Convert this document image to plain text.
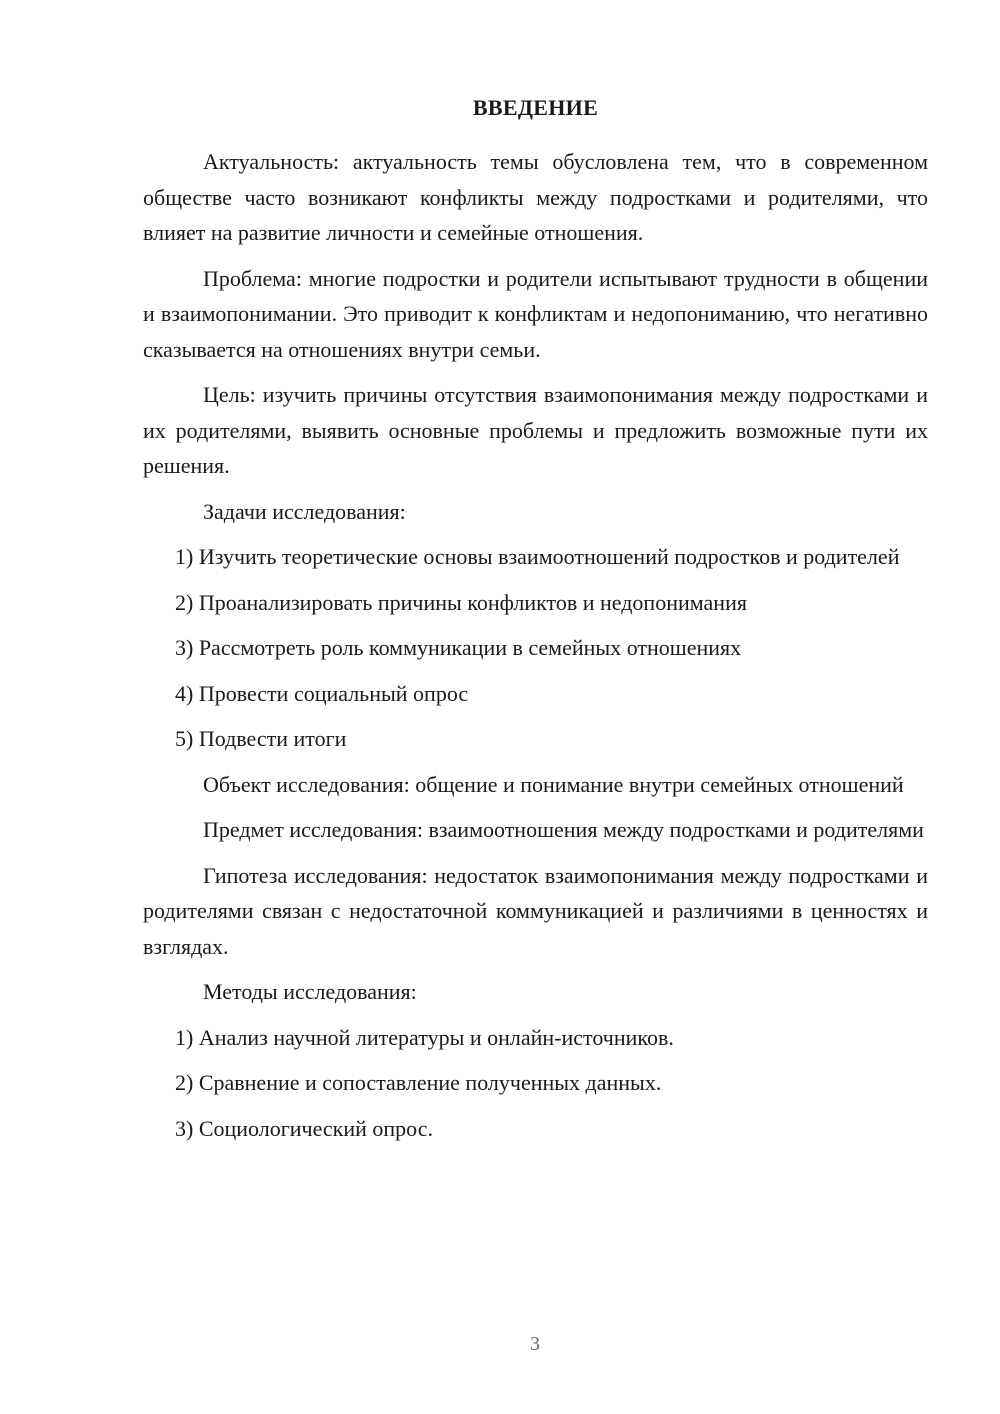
ВВЕДЕНИЕ

Актуальность: актуальность темы обусловлена тем, что в современном обществе часто возникают конфликты между подростками и родителями, что влияет на развитие личности и семейные отношения.

Проблема: многие подростки и родители испытывают трудности в общении и взаимопонимании. Это приводит к конфликтам и недопониманию, что негативно сказывается на отношениях внутри семьи.

Цель: изучить причины отсутствия взаимопонимания между подростками и их родителями, выявить основные проблемы и предложить возможные пути их решения.

Задачи исследования:

1) Изучить теоретические основы взаимоотношений подростков и родителей

2) Проанализировать причины конфликтов и недопонимания

3) Рассмотреть роль коммуникации в семейных отношениях

4) Провести социальный опрос

5) Подвести итоги

Объект исследования: общение и понимание внутри семейных отношений

Предмет исследования: взаимоотношения между подростками и родителями

Гипотеза исследования: недостаток взаимопонимания между подростками и родителями связан с недостаточной коммуникацией и различиями в ценностях и взглядах.

Методы исследования:

1) Анализ научной литературы и онлайн-источников.

2) Сравнение и сопоставление полученных данных.

3) Социологический опрос.

3
